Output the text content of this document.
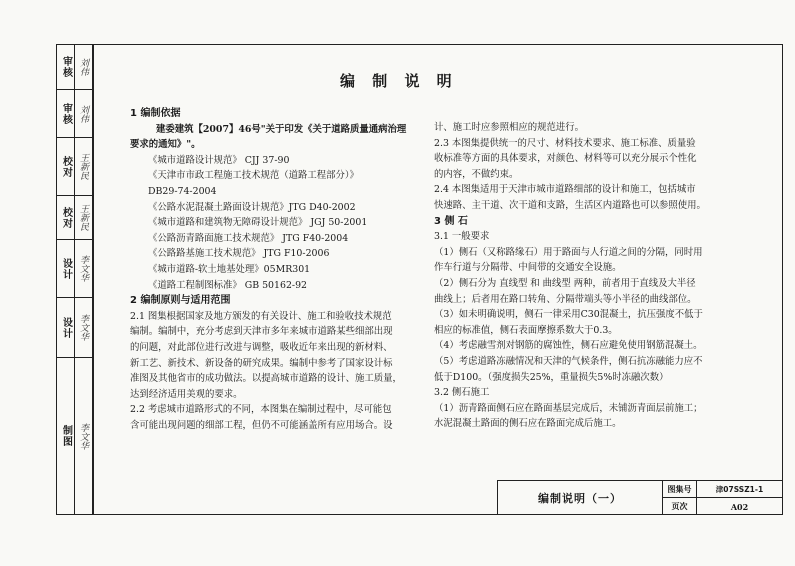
审核 刘伟
审核 刘伟
校对 王新民
校对 王新民
设计 李文华
设计 李文华
制图 李文华
编 制 说 明

1 编制依据

建委建筑【2007】46号"关于印发《关于道路质量通病治理

要求的通知》"。

《城市道路设计规范》 CJJ 37-90

《天津市市政工程施工技术规范（道路工程部分）》

DB29-74-2004

《公路水泥混凝土路面设计规范》JTG D40-2002

《城市道路和建筑物无障碍设计规范》 JGJ 50-2001

《公路沥青路面施工技术规范》 JTG F40-2004

《公路路基施工技术规范》 JTG F10-2006

《城市道路-软土地基处理》05MR301

《道路工程制图标准》 GB 50162-92

2 编制原则与适用范围

2.1 图集根据国家及地方颁发的有关设计、施工和验收技术规范

编制。编制中，充分考虑到天津市多年来城市道路某些细部出现

的问题，对此部位进行改进与调整，吸收近年来出现的新材料、

新工艺、新技术、新设备的研究成果。编制中参考了国家设计标

准图及其他省市的成功做法。以提高城市道路的设计、施工质量，

达到经济适用美观的要求。

2.2 考虑城市道路形式的不同，本图集在编制过程中，尽可能包

含可能出现问题的细部工程，但仍不可能涵盖所有应用场合。设

计、施工时应参照相应的规范进行。

2.3 本图集提供统一的尺寸、材料技术要求、施工标准、质量验

收标准等方面的具体要求，对颜色、材料等可以充分展示个性化

的内容，不做约束。

2.4 本图集适用于天津市城市道路细部的设计和施工，包括城市

快速路、主干道、次干道和支路，生活区内道路也可以参照使用。

3 侧 石

3.1 一般要求

（1）侧石（又称路缘石）用于路面与人行道之间的分隔，同时用

作车行道与分隔带、中间带的交通安全设施。

（2）侧石分为 直线型 和 曲线型 两种，前者用于直线及大半径

曲线上；后者用在路口转角、分隔带端头等小半径的曲线部位。

（3）如未明确说明，侧石一律采用C30混凝土，抗压强度不低于

相应的标准值，侧石表面摩擦系数大于0.3。

（4）考虑融雪剂对钢筋的腐蚀性，侧石应避免使用钢筋混凝土。

（5）考虑道路冻融情况和天津的气候条件，侧石抗冻融能力应不

低于D100。（强度损失25%，重量损失5%时冻融次数）

3.2 侧石施工

（1）沥青路面侧石应在路面基层完成后，未铺沥青面层前施工；

水泥混凝土路面的侧石应在路面完成后施工。

编制说明（一）
图集号	津07SSZ1-1
页次	A02
